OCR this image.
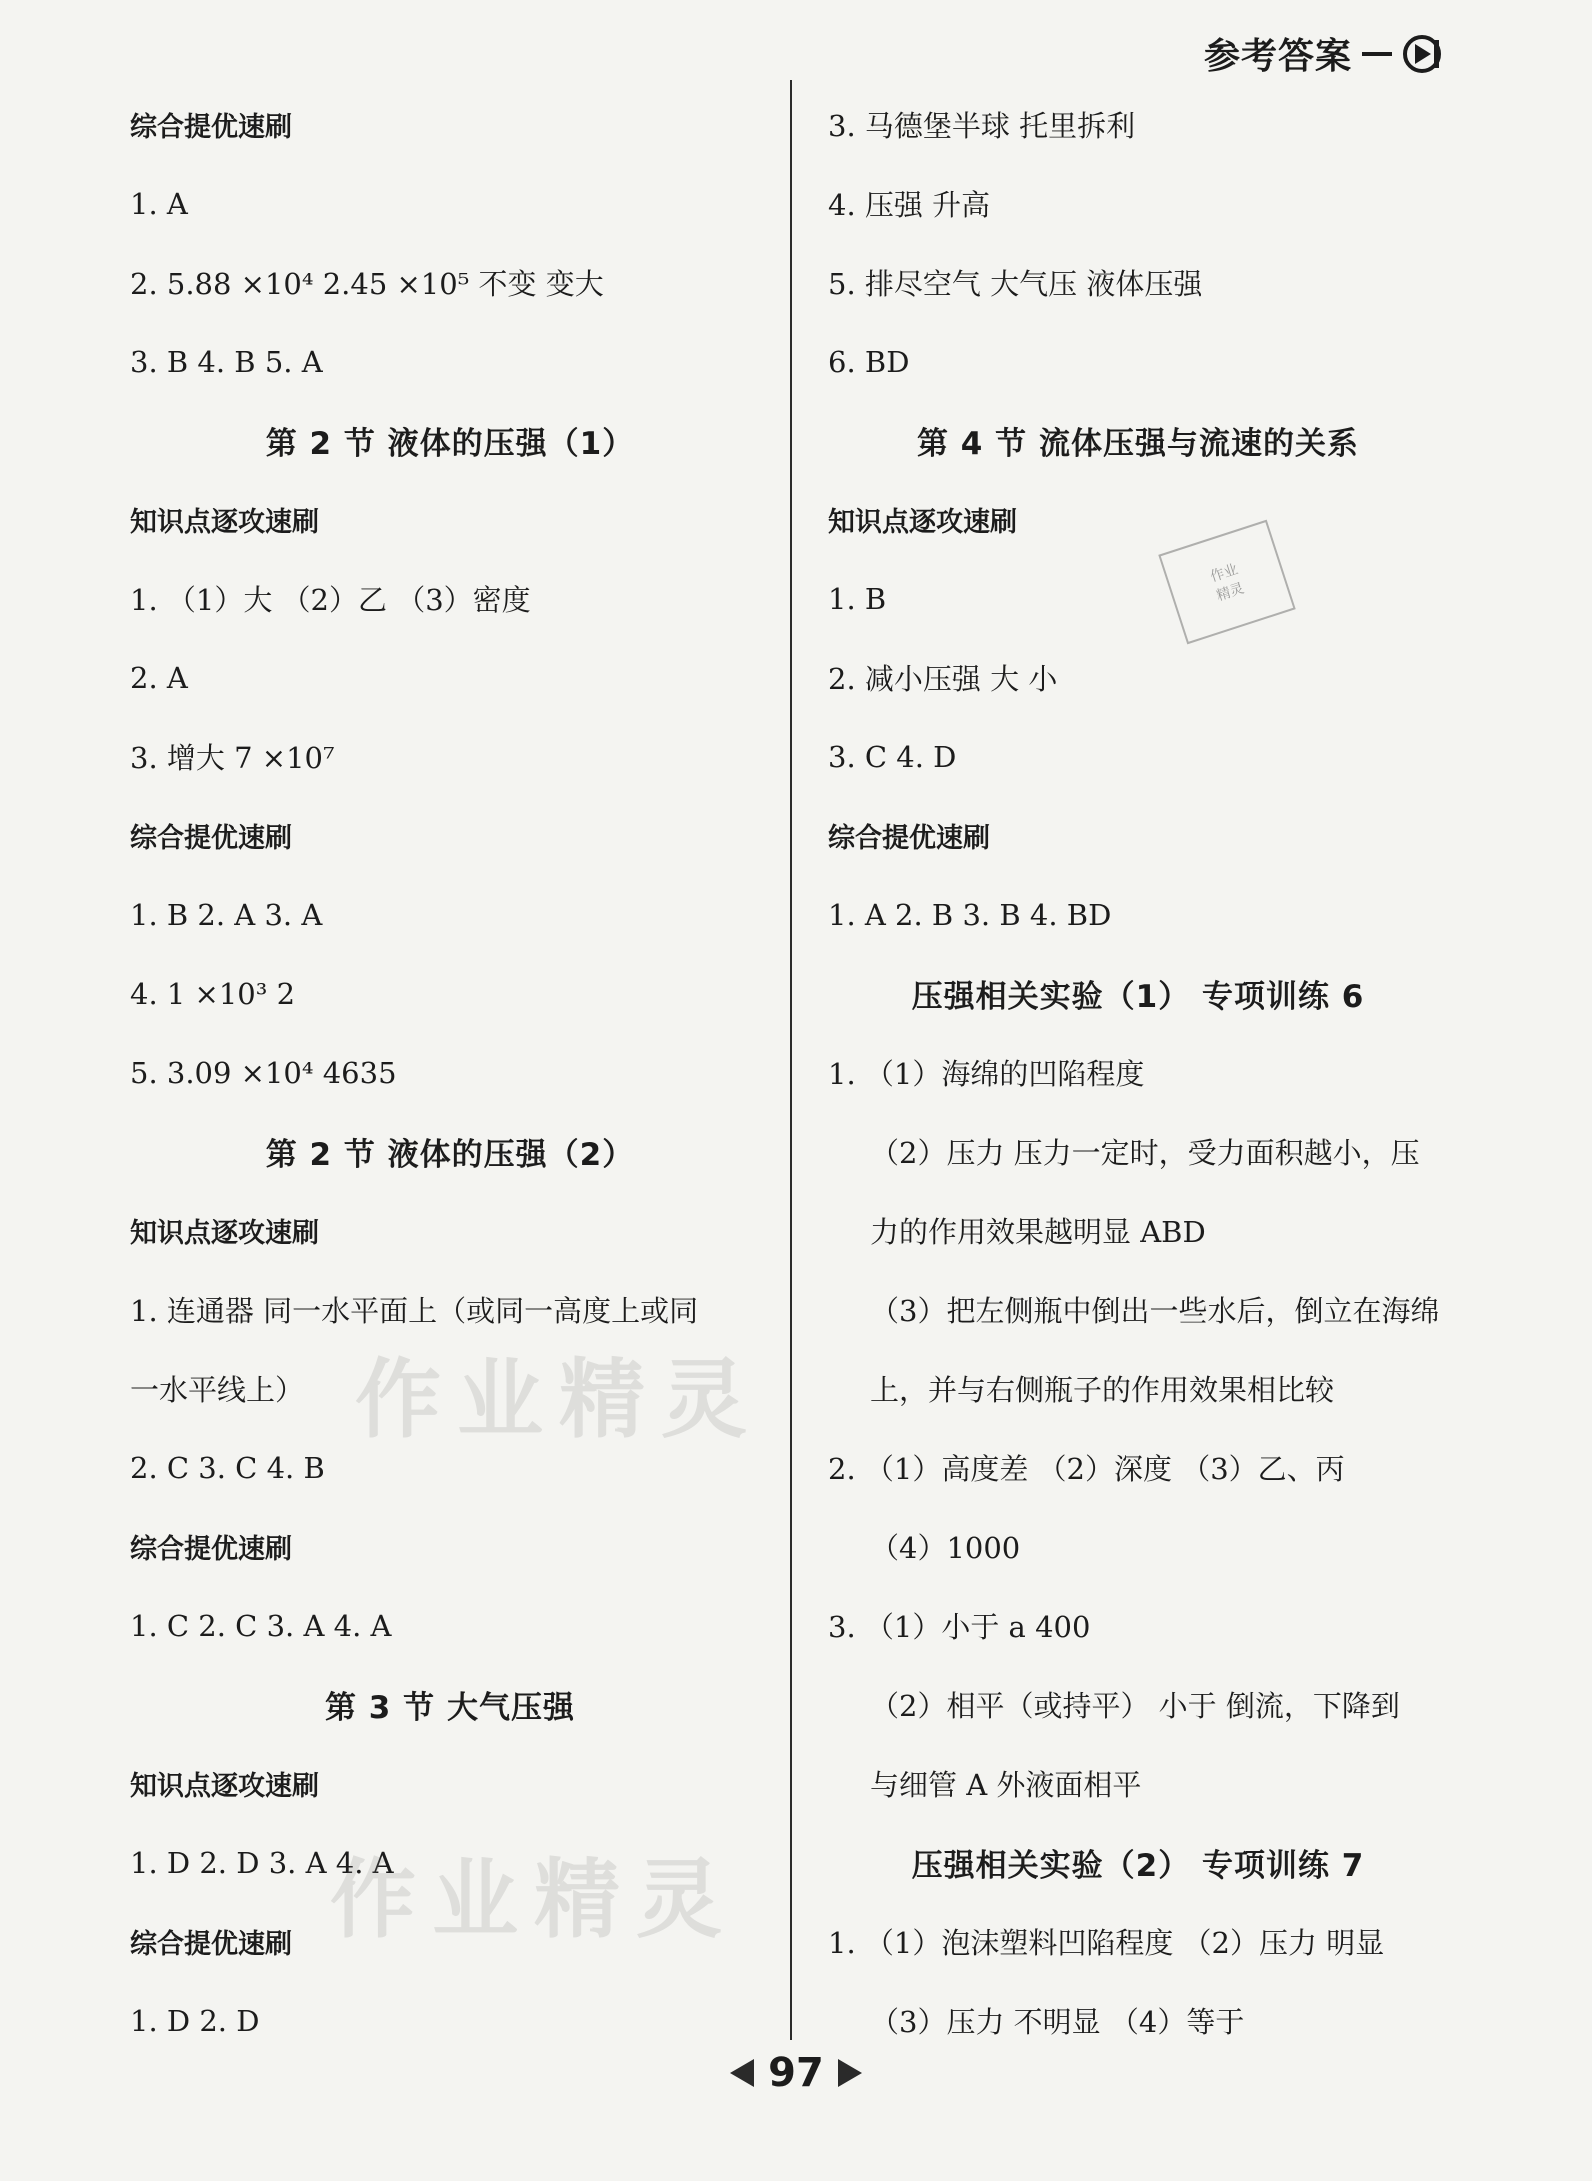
参考答案
综合提优速刷
1. A
2. 5.88 ×10⁴ 2.45 ×10⁵ 不变 变大
3. B 4. B 5. A
第 2 节 液体的压强（1）
知识点逐攻速刷
1. （1）大 （2）乙 （3）密度
2. A
3. 增大 7 ×10⁷
综合提优速刷
1. B 2. A 3. A
4. 1 ×10³ 2
5. 3.09 ×10⁴ 4635
第 2 节 液体的压强（2）
知识点逐攻速刷
1. 连通器 同一水平面上（或同一高度上或同
一水平线上）
2. C 3. C 4. B
综合提优速刷
1. C 2. C 3. A 4. A
第 3 节 大气压强
知识点逐攻速刷
1. D 2. D 3. A 4. A
综合提优速刷
1. D 2. D
3. 马德堡半球 托里拆利
4. 压强 升高
5. 排尽空气 大气压 液体压强
6. BD
第 4 节 流体压强与流速的关系
知识点逐攻速刷
1. B
2. 减小压强 大 小
3. C 4. D
综合提优速刷
1. A 2. B 3. B 4. BD
压强相关实验（1） 专项训练 6
1. （1）海绵的凹陷程度
（2）压力 压力一定时，受力面积越小，压
力的作用效果越明显 ABD
（3）把左侧瓶中倒出一些水后，倒立在海绵
上，并与右侧瓶子的作用效果相比较
2. （1）高度差 （2）深度 （3）乙、丙
（4）1000
3. （1）小于 a 400
（2）相平（或持平） 小于 倒流，下降到
与细管 A 外液面相平
压强相关实验（2） 专项训练 7
1. （1）泡沫塑料凹陷程度 （2）压力 明显
（3）压力 不明显 （4）等于
作业精灵
作业精灵
作业
精灵
97
